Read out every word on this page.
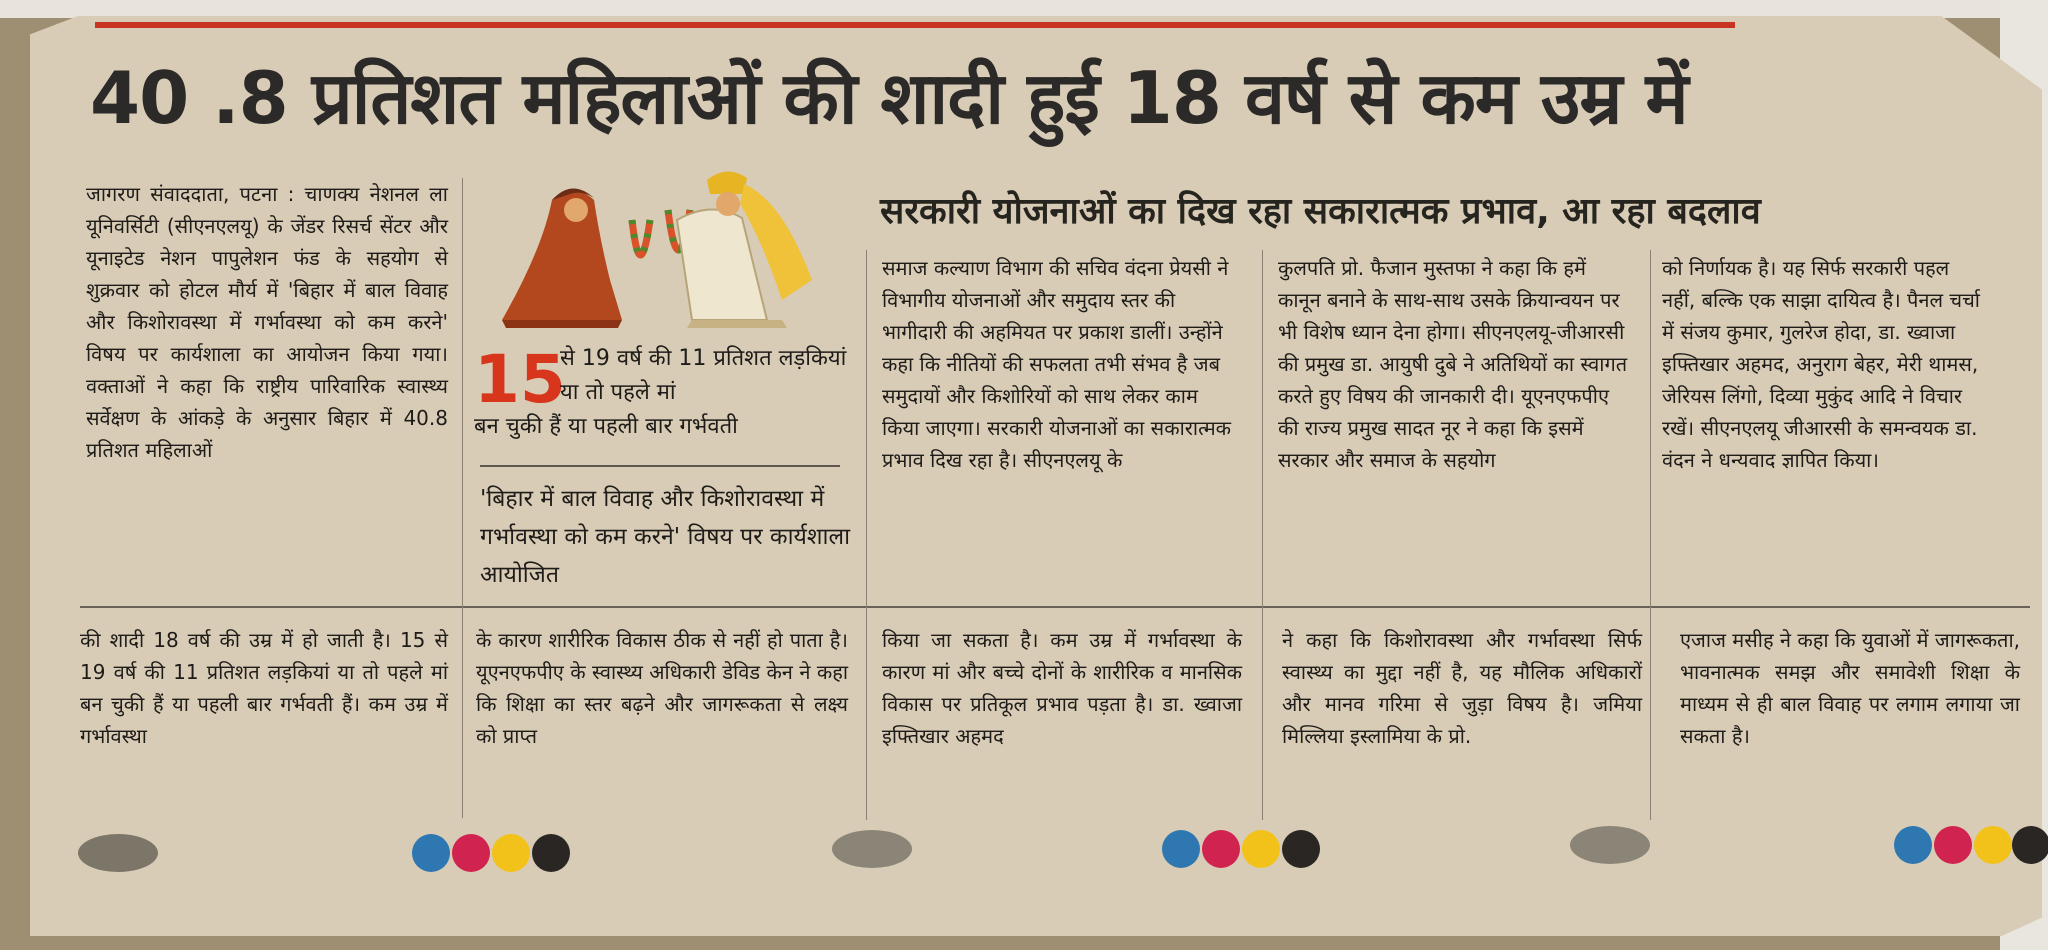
40 .8 प्रतिशत महिलाओं की शादी हुई 18 वर्ष से कम उम्र में

जागरण संवाददाता, पटना : चाणक्य नेशनल ला यूनिवर्सिटी (सीएनएलयू) के जेंडर रिसर्च सेंटर और यूनाइटेड नेशन पापुलेशन फंड के सहयोग से शुक्रवार को होटल मौर्य में 'बिहार में बाल विवाह और किशोरावस्था में गर्भावस्था को कम करने' विषय पर कार्यशाला का आयोजन किया गया। वक्ताओं ने कहा कि राष्ट्रीय पारिवारिक स्वास्थ्य सर्वेक्षण के आंकड़े के अनुसार बिहार में 40.8 प्रतिशत महिलाओं

की शादी 18 वर्ष की उम्र में हो जाती है। 15 से 19 वर्ष की 11 प्रतिशत लड़कियां या तो पहले मां बन चुकी हैं या पहली बार गर्भवती हैं। कम उम्र में गर्भावस्था

15

से 19 वर्ष की 11 प्रतिशत लड़कियां या तो पहले मां

बन चुकी हैं या पहली बार गर्भवती

'बिहार में बाल विवाह और किशोरावस्था में गर्भावस्था को कम करने' विषय पर कार्यशाला आयोजित

के कारण शारीरिक विकास ठीक से नहीं हो पाता है। यूएनएफपीए के स्वास्थ्य अधिकारी डेविड केन ने कहा कि शिक्षा का स्तर बढ़ने और जागरूकता से लक्ष्य को प्राप्त

सरकारी योजनाओं का दिख रहा सकारात्मक प्रभाव, आ रहा बदलाव

समाज कल्याण विभाग की सचिव वंदना प्रेयसी ने विभागीय योजनाओं और समुदाय स्तर की भागीदारी की अहमियत पर प्रकाश डालीं। उन्होंने कहा कि नीतियों की सफलता तभी संभव है जब समुदायों और किशोरियों को साथ लेकर काम किया जाएगा। सरकारी योजनाओं का सकारात्मक प्रभाव दिख रहा है। सीएनएलयू के

किया जा सकता है। कम उम्र में गर्भावस्था के कारण मां और बच्चे दोनों के शारीरिक व मानसिक विकास पर प्रतिकूल प्रभाव पड़ता है। डा. ख्वाजा इफ्तिखार अहमद

कुलपति प्रो. फैजान मुस्तफा ने कहा कि हमें कानून बनाने के साथ-साथ उसके क्रियान्वयन पर भी विशेष ध्यान देना होगा। सीएनएलयू-जीआरसी की प्रमुख डा. आयुषी दुबे ने अतिथियों का स्वागत करते हुए विषय की जानकारी दी। यूएनएफपीए की राज्य प्रमुख सादत नूर ने कहा कि इसमें सरकार और समाज के सहयोग

ने कहा कि किशोरावस्था और गर्भावस्था सिर्फ स्वास्थ्य का मुद्दा नहीं है, यह मौलिक अधिकारों और मानव गरिमा से जुड़ा विषय है। जमिया मिल्लिया इस्लामिया के प्रो.

को निर्णायक है। यह सिर्फ सरकारी पहल नहीं, बल्कि एक साझा दायित्व है। पैनल चर्चा में संजय कुमार, गुलरेज होदा, डा. ख्वाजा इफ्तिखार अहमद, अनुराग बेहर, मेरी थामस, जेरियस लिंगो, दिव्या मुकुंद आदि ने विचार रखें। सीएनएलयू जीआरसी के समन्वयक डा. वंदन ने धन्यवाद ज्ञापित किया।

एजाज मसीह ने कहा कि युवाओं में जागरूकता, भावनात्मक समझ और समावेशी शिक्षा के माध्यम से ही बाल विवाह पर लगाम लगाया जा सकता है।
